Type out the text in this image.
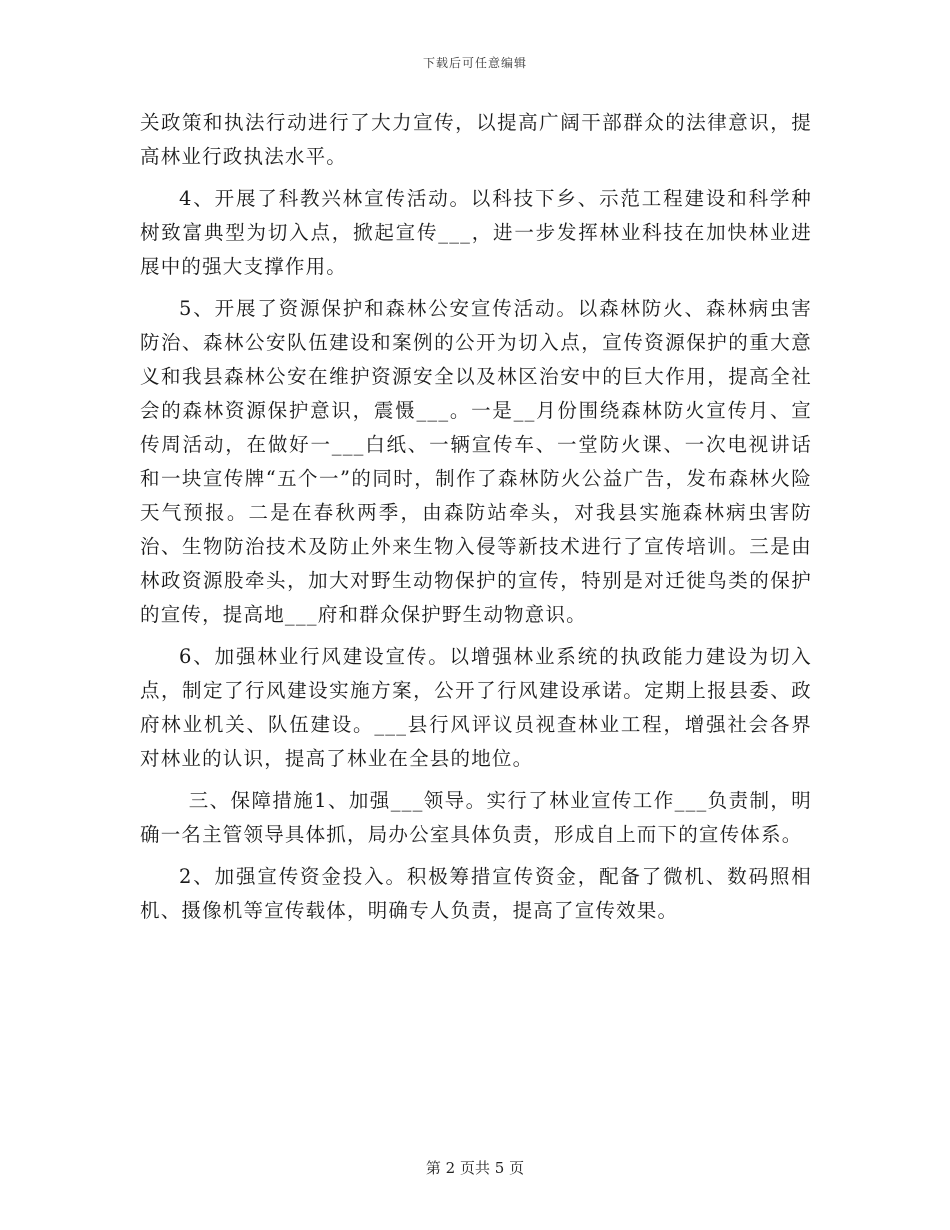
下载后可任意编辑

关政策和执法行动进行了大力宣传，以提高广阔干部群众的法律意识，提高林业行政执法水平。

4、开展了科教兴林宣传活动。以科技下乡、示范工程建设和科学种树致富典型为切入点，掀起宣传___，进一步发挥林业科技在加快林业进展中的强大支撑作用。

5、开展了资源保护和森林公安宣传活动。以森林防火、森林病虫害防治、森林公安队伍建设和案例的公开为切入点，宣传资源保护的重大意义和我县森林公安在维护资源安全以及林区治安中的巨大作用，提高全社会的森林资源保护意识，震慑___。一是__月份围绕森林防火宣传月、宣传周活动，在做好一___白纸、一辆宣传车、一堂防火课、一次电视讲话和一块宣传牌“五个一”的同时，制作了森林防火公益广告，发布森林火险天气预报。二是在春秋两季，由森防站牵头，对我县实施森林病虫害防治、生物防治技术及防止外来生物入侵等新技术进行了宣传培训。三是由林政资源股牵头，加大对野生动物保护的宣传，特别是对迁徙鸟类的保护的宣传，提高地___府和群众保护野生动物意识。

6、加强林业行风建设宣传。以增强林业系统的执政能力建设为切入点，制定了行风建设实施方案，公开了行风建设承诺。定期上报县委、政府林业机关、队伍建设。___县行风评议员视查林业工程，增强社会各界对林业的认识，提高了林业在全县的地位。

三、保障措施1、加强___领导。实行了林业宣传工作___负责制，明确一名主管领导具体抓，局办公室具体负责，形成自上而下的宣传体系。

2、加强宣传资金投入。积极筹措宣传资金，配备了微机、数码照相机、摄像机等宣传载体，明确专人负责，提高了宣传效果。

第 2 页共 5 页
